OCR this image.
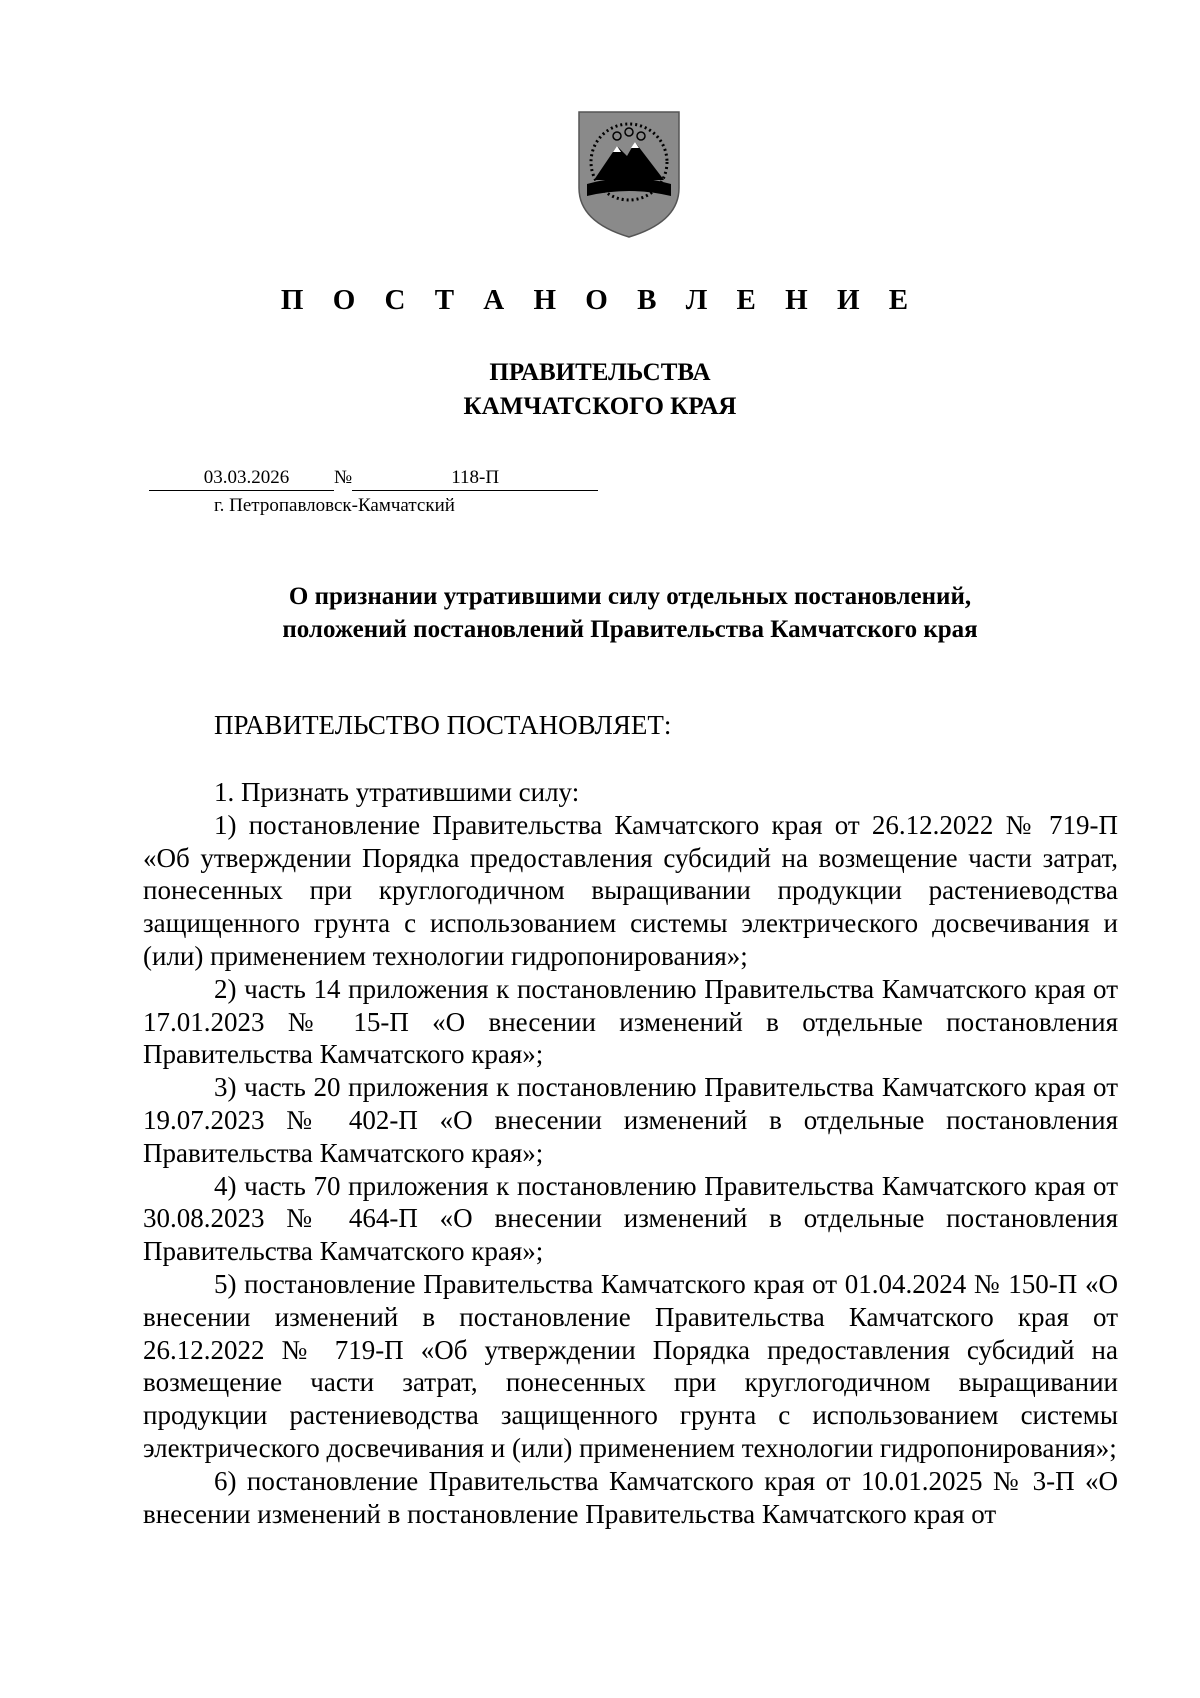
П О С Т А Н О В Л Е Н И Е
ПРАВИТЕЛЬСТВА
КАМЧАТСКОГО КРАЯ
03.03.2026 №	118-П
г. Петропавловск-Камчатский
О признании утратившими силу отдельных постановлений,
положений постановлений Правительства Камчатского края
ПРАВИТЕЛЬСТВО ПОСТАНОВЛЯЕТ:

1. Признать утратившими силу:

1) постановление Правительства Камчатского края от 26.12.2022 № 719-П «Об утверждении Порядка предоставления субсидий на возмещение части затрат, понесенных при круглогодичном выращивании продукции растениеводства защищенного грунта с использованием системы электрического досвечивания и (или) применением технологии гидропонирования»;

2) часть 14 приложения к постановлению Правительства Камчатского края от 17.01.2023 № 15-П «О внесении изменений в отдельные постановления Правительства Камчатского края»;

3) часть 20 приложения к постановлению Правительства Камчатского края от 19.07.2023 № 402-П «О внесении изменений в отдельные постановления Правительства Камчатского края»;

4) часть 70 приложения к постановлению Правительства Камчатского края от 30.08.2023 № 464-П «О внесении изменений в отдельные постановления Правительства Камчатского края»;

5) постановление Правительства Камчатского края от 01.04.2024 № 150-П «О внесении изменений в постановление Правительства Камчатского края от 26.12.2022 № 719-П «Об утверждении Порядка предоставления субсидий на возмещение части затрат, понесенных при круглогодичном выращивании продукции растениеводства защищенного грунта с использованием системы электрического досвечивания и (или) применением технологии гидропонирования»;

6) постановление Правительства Камчатского края от 10.01.2025 № 3-П «О внесении изменений в постановление Правительства Камчатского края от
